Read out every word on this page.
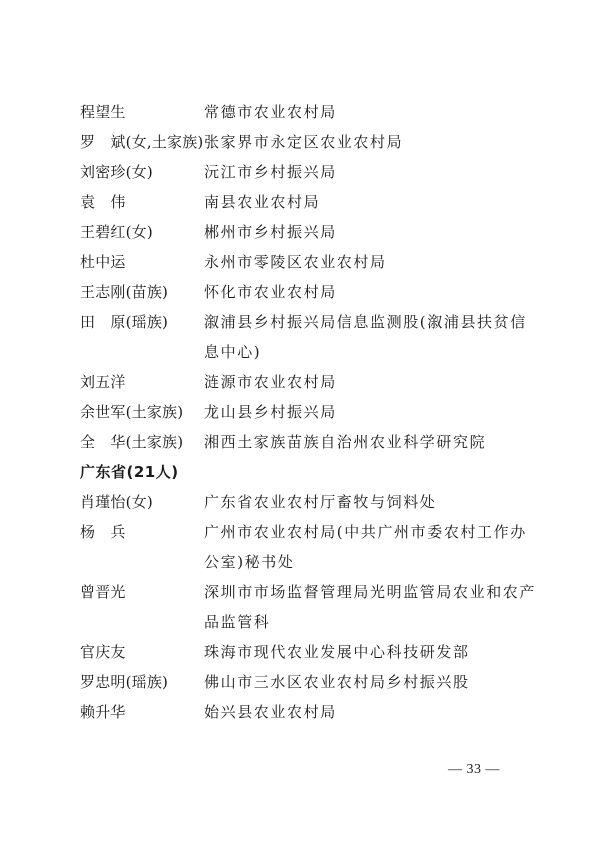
程望生	常德市农业农村局
罗　斌(女,土家族) 张家界市永定区农业农村局
刘密珍(女)	沅江市乡村振兴局
袁　伟	南县农业农村局
王碧红(女)	郴州市乡村振兴局
杜中运	永州市零陵区农业农村局
王志刚(苗族)	怀化市农业农村局
田　原(瑶族)	溆浦县乡村振兴局信息监测股(溆浦县扶贫信息中心)
刘五洋	涟源市农业农村局
余世军(土家族)	龙山县乡村振兴局
全　华(土家族)	湘西土家族苗族自治州农业科学研究院
广东省(21人)
肖瑾怡(女)	广东省农业农村厅畜牧与饲料处
杨　兵	广州市农业农村局(中共广州市委农村工作办公室)秘书处
曾晋光	深圳市市场监督管理局光明监管局农业和农产品监管科
官庆友	珠海市现代农业发展中心科技研发部
罗忠明(瑶族)	佛山市三水区农业农村局乡村振兴股
赖升华	始兴县农业农村局
— 33 —
